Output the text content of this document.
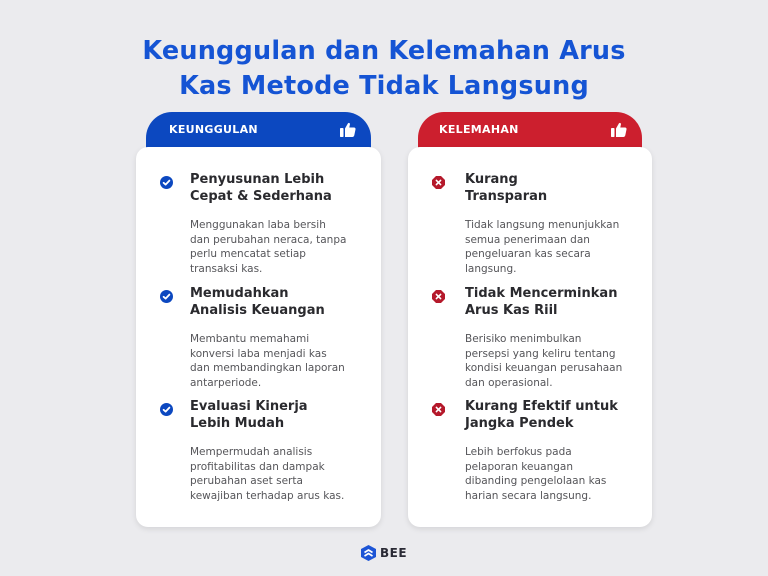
Keunggulan dan Kelemahan Arus
Kas Metode Tidak Langsung
KEUNGGULAN
Penyusunan Lebih
Cepat & Sederhana
Menggunakan laba bersih
dan perubahan neraca, tanpa
perlu mencatat setiap
transaksi kas.
Memudahkan
Analisis Keuangan
Membantu memahami
konversi laba menjadi kas
dan membandingkan laporan
antarperiode.
Evaluasi Kinerja
Lebih Mudah
Mempermudah analisis
profitabilitas dan dampak
perubahan aset serta
kewajiban terhadap arus kas.
KELEMAHAN
Kurang
Transparan
Tidak langsung menunjukkan
semua penerimaan dan
pengeluaran kas secara
langsung.
Tidak Mencerminkan
Arus Kas Riil
Berisiko menimbulkan
persepsi yang keliru tentang
kondisi keuangan perusahaan
dan operasional.
Kurang Efektif untuk
Jangka Pendek
Lebih berfokus pada
pelaporan keuangan
dibanding pengelolaan kas
harian secara langsung.
BEE
